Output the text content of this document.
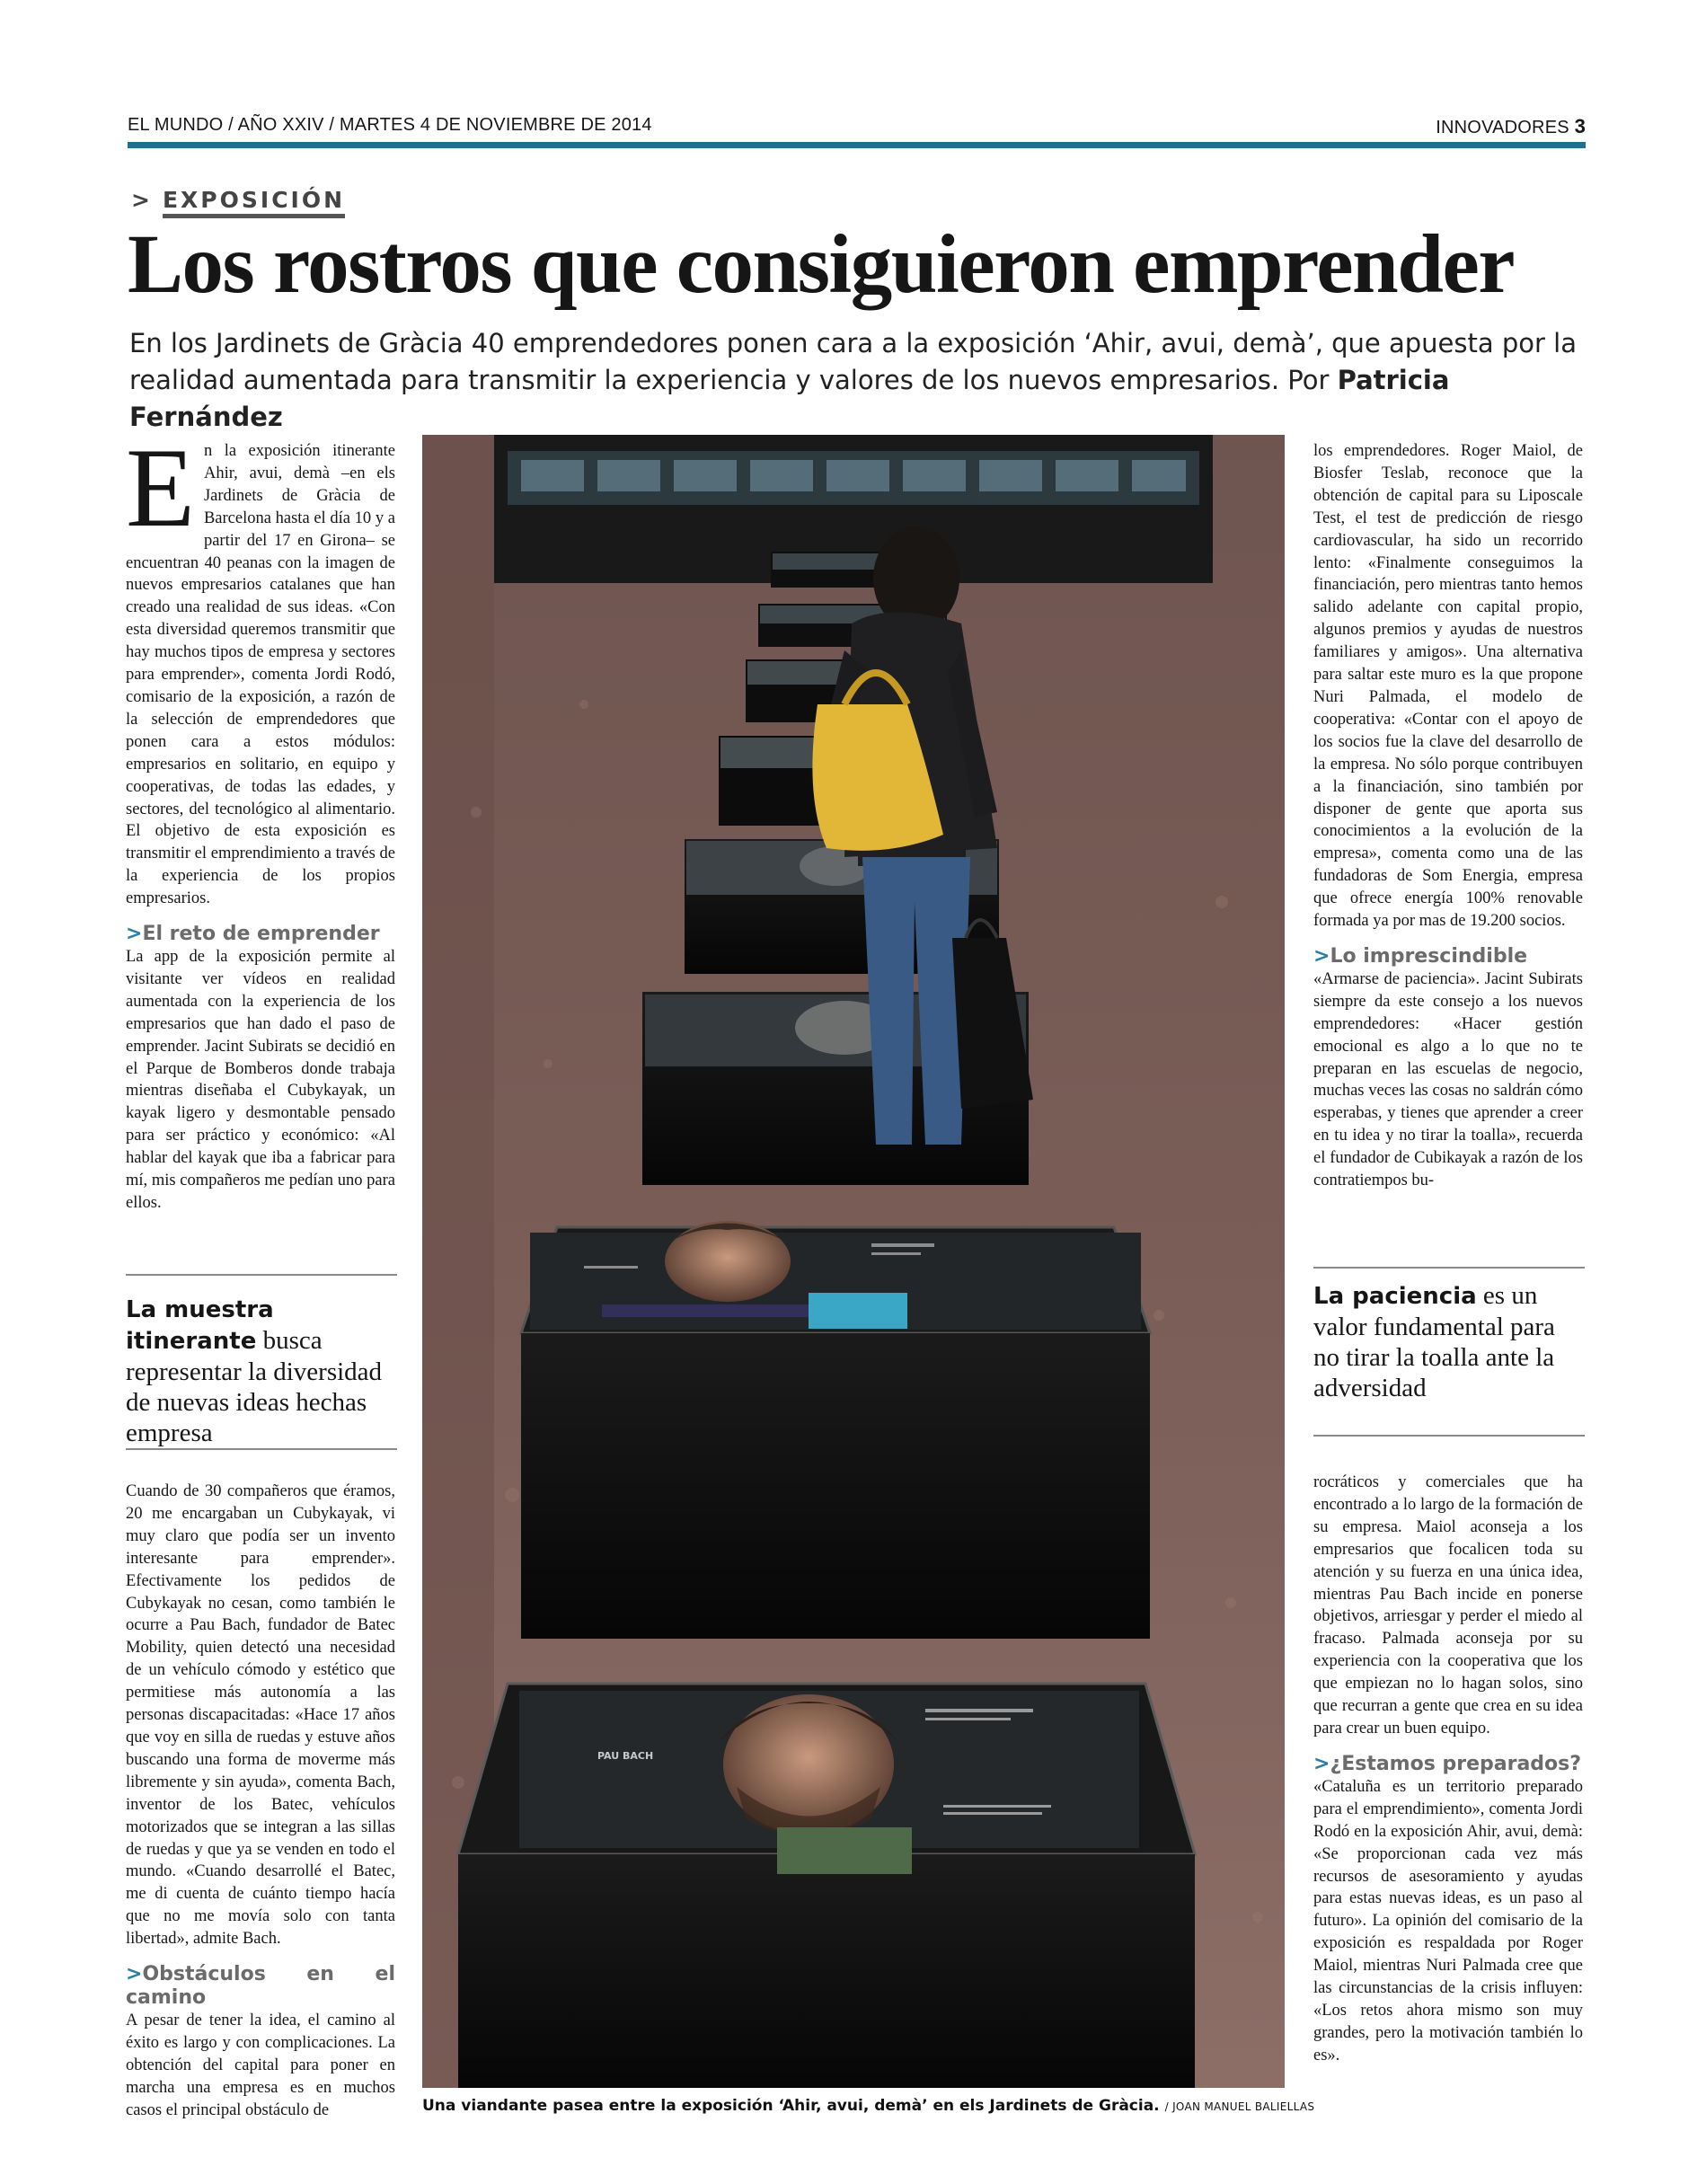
EL MUNDO / AÑO XXIV / MARTES 4 DE NOVIEMBRE DE 2014	INNOVADORES 3
> EXPOSICIÓN
Los rostros que consiguieron emprender
En los Jardinets de Gràcia 40 emprendedores ponen cara a la exposición ‘Ahir, avui, demà’, que apuesta por la realidad aumentada para transmitir la experiencia y valores de los nuevos empresarios. Por Patricia Fernández

En la exposición itinerante Ahir, avui, demà –en els Jardinets de Gràcia de Barcelona hasta el día 10 y a partir del 17 en Girona– se encuentran 40 peanas con la imagen de nuevos empresarios catalanes que han creado una realidad de sus ideas. «Con esta diversidad queremos transmitir que hay muchos tipos de empresa y sectores para emprender», comenta Jordi Rodó, comisario de la exposición, a razón de la selección de emprendedores que ponen cara a estos módulos: empresarios en solitario, en equipo y cooperativas, de todas las edades, y sectores, del tecnológico al alimentario. El objetivo de esta exposición es transmitir el emprendimiento a través de la experiencia de los propios empresarios.

>El reto de emprender

La app de la exposición permite al visitante ver vídeos en realidad aumentada con la experiencia de los empresarios que han dado el paso de emprender. Jacint Subirats se decidió en el Parque de Bomberos donde trabaja mientras diseñaba el Cubykayak, un kayak ligero y desmontable pensado para ser práctico y económico: «Al hablar del kayak que iba a fabricar para mí, mis compañeros me pedían uno para ellos.

La muestra itinerante busca representar la diversidad de nuevas ideas hechas empresa

Cuando de 30 compañeros que éramos, 20 me encargaban un Cubykayak, vi muy claro que podía ser un invento interesante para emprender». Efectivamente los pedidos de Cubykayak no cesan, como también le ocurre a Pau Bach, fundador de Batec Mobility, quien detectó una necesidad de un vehículo cómodo y estético que permitiese más autonomía a las personas discapacitadas: «Hace 17 años que voy en silla de ruedas y estuve años buscando una forma de moverme más libremente y sin ayuda», comenta Bach, inventor de los Batec, vehículos motorizados que se integran a las sillas de ruedas y que ya se venden en todo el mundo. «Cuando desarrollé el Batec, me di cuenta de cuánto tiempo hacía que no me movía solo con tanta libertad», admite Bach.

>Obstáculos en el camino

A pesar de tener la idea, el camino al éxito es largo y con complicaciones. La obtención del capital para poner en marcha una empresa es en muchos casos el principal obstáculo de

PAU BACH
Una viandante pasea entre la exposición ‘Ahir, avui, demà’ en els Jardinets de Gràcia. / JOAN MANUEL BALIELLAS

los emprendedores. Roger Maiol, de Biosfer Teslab, reconoce que la obtención de capital para su Liposcale Test, el test de predicción de riesgo cardiovascular, ha sido un recorrido lento: «Finalmente conseguimos la financiación, pero mientras tanto hemos salido adelante con capital propio, algunos premios y ayudas de nuestros familiares y amigos». Una alternativa para saltar este muro es la que propone Nuri Palmada, el modelo de cooperativa: «Contar con el apoyo de los socios fue la clave del desarrollo de la empresa. No sólo porque contribuyen a la financiación, sino también por disponer de gente que aporta sus conocimientos a la evolución de la empresa», comenta como una de las fundadoras de Som Energia, empresa que ofrece energía 100% renovable formada ya por mas de 19.200 socios.

>Lo imprescindible

«Armarse de paciencia». Jacint Subirats siempre da este consejo a los nuevos emprendedores: «Hacer gestión emocional es algo a lo que no te preparan en las escuelas de negocio, muchas veces las cosas no saldrán cómo esperabas, y tienes que aprender a creer en tu idea y no tirar la toalla», recuerda el fundador de Cubikayak a razón de los contratiempos bu-

La paciencia es un valor fundamental para no tirar la toalla ante la adversidad

rocráticos y comerciales que ha encontrado a lo largo de la formación de su empresa. Maiol aconseja a los empresarios que focalicen toda su atención y su fuerza en una única idea, mientras Pau Bach incide en ponerse objetivos, arriesgar y perder el miedo al fracaso. Palmada aconseja por su experiencia con la cooperativa que los que empiezan no lo hagan solos, sino que recurran a gente que crea en su idea para crear un buen equipo.

>¿Estamos preparados?

«Cataluña es un territorio preparado para el emprendimiento», comenta Jordi Rodó en la exposición Ahir, avui, demà: «Se proporcionan cada vez más recursos de asesoramiento y ayudas para estas nuevas ideas, es un paso al futuro». La opinión del comisario de la exposición es respaldada por Roger Maiol, mientras Nuri Palmada cree que las circunstancias de la crisis influyen: «Los retos ahora mismo son muy grandes, pero la motivación también lo es».
